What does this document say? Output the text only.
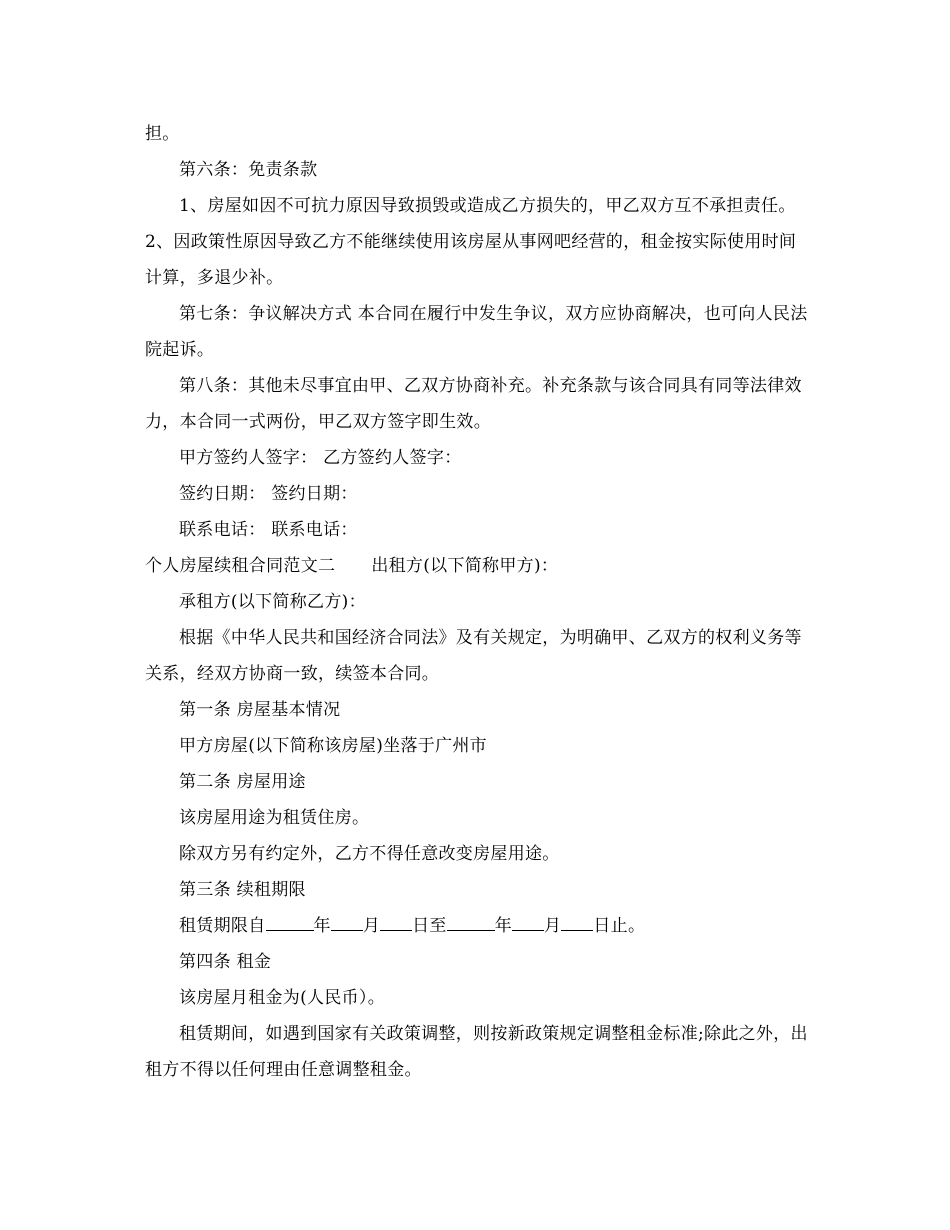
担。

第六条：免责条款

1、房屋如因不可抗力原因导致损毁或造成乙方损失的，甲乙双方互不承担责任。 2、因政策性原因导致乙方不能继续使用该房屋从事网吧经营的，租金按实际使用时间计算，多退少补。

第七条：争议解决方式 本合同在履行中发生争议，双方应协商解决，也可向人民法院起诉。

第八条：其他未尽事宜由甲、乙双方协商补充。补充条款与该合同具有同等法律效力，本合同一式两份，甲乙双方签字即生效。

甲方签约人签字： 乙方签约人签字：

签约日期： 签约日期：

联系电话： 联系电话：

个人房屋续租合同范文二 出租方(以下简称甲方)：

承租方(以下简称乙方)：

根据《中华人民共和国经济合同法》及有关规定，为明确甲、乙双方的权利义务等关系，经双方协商一致，续签本合同。

第一条 房屋基本情况

甲方房屋(以下简称该房屋)坐落于广州市

第二条 房屋用途

该房屋用途为租赁住房。

除双方另有约定外，乙方不得任意改变房屋用途。

第三条 续租期限

租赁期限自	年 月 日至	年 月 日止。

第四条 租金

该房屋月租金为(人民币）。

租赁期间，如遇到国家有关政策调整，则按新政策规定调整租金标准;除此之外，出租方不得以任何理由任意调整租金。
